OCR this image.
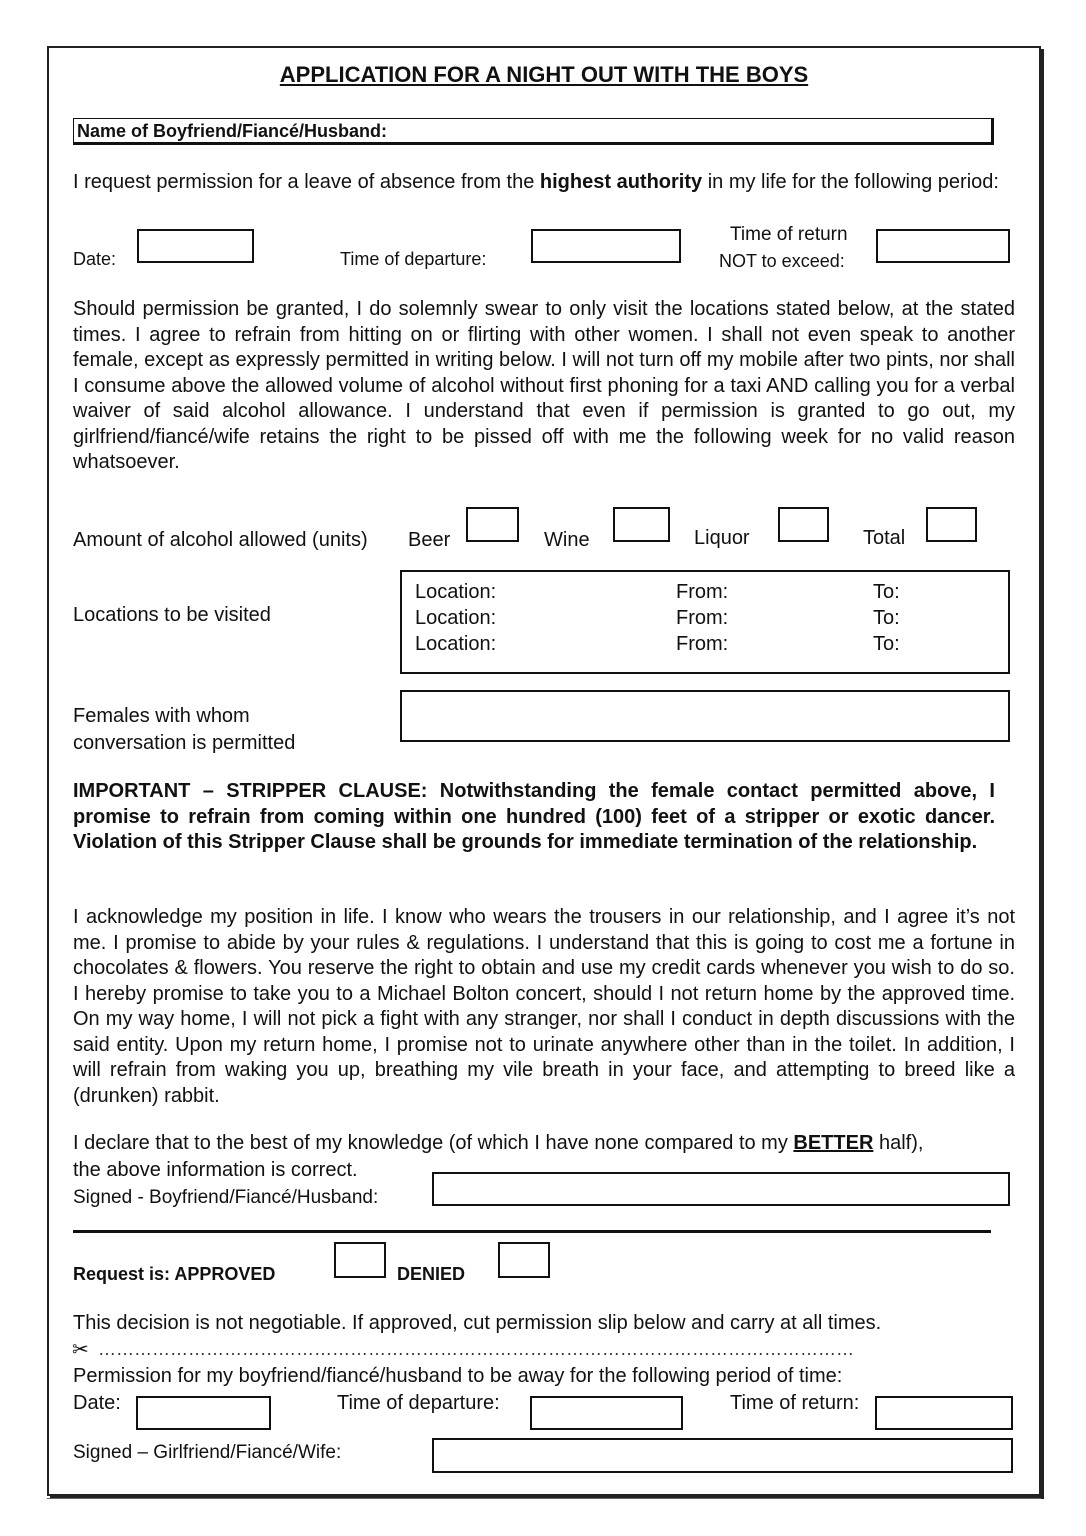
APPLICATION FOR A NIGHT OUT WITH THE BOYS
Name of Boyfriend/Fiancé/Husband:
I request permission for a leave of absence from the highest authority in my life for the following period:
Date:	Time of departure:
Time of return
NOT to exceed:
Should permission be granted, I do solemnly swear to only visit the locations stated below, at the stated times. I agree to refrain from hitting on or flirting with other women. I shall not even speak to another female, except as expressly permitted in writing below. I will not turn off my mobile after two pints, nor shall I consume above the allowed volume of alcohol without first phoning for a taxi AND calling you for a verbal waiver of said alcohol allowance. I understand that even if permission is granted to go out, my girlfriend/fiancé/wife retains the right to be pissed off with me the following week for no valid reason whatsoever.
Amount of alcohol allowed (units) Beer	Wine	Liquor	Total
Locations to be visited
Location:	From:	To:
Location:	From:	To:
Location:	From:	To:
Females with whom
conversation is permitted
IMPORTANT – STRIPPER CLAUSE: Notwithstanding the female contact permitted above, I promise to refrain from coming within one hundred (100) feet of a stripper or exotic dancer. Violation of this Stripper Clause shall be grounds for immediate termination of the relationship.
I acknowledge my position in life. I know who wears the trousers in our relationship, and I agree it’s not me. I promise to abide by your rules & regulations. I understand that this is going to cost me a fortune in chocolates & flowers. You reserve the right to obtain and use my credit cards whenever you wish to do so. I hereby promise to take you to a Michael Bolton concert, should I not return home by the approved time. On my way home, I will not pick a fight with any stranger, nor shall I conduct in depth discussions with the said entity. Upon my return home, I promise not to urinate anywhere other than in the toilet. In addition, I will refrain from waking you up, breathing my vile breath in your face, and attempting to breed like a (drunken) rabbit.
I declare that to the best of my knowledge (of which I have none compared to my BETTER half),
the above information is correct.
Signed - Boyfriend/Fiancé/Husband:
Request is: APPROVED	DENIED
This decision is not negotiable. If approved, cut permission slip below and carry at all times.
✂ ………………………………………………………………………………………………………………
Permission for my boyfriend/fiancé/husband to be away for the following period of time:
Date:	Time of departure:	Time of return:
Signed – Girlfriend/Fiancé/Wife:
